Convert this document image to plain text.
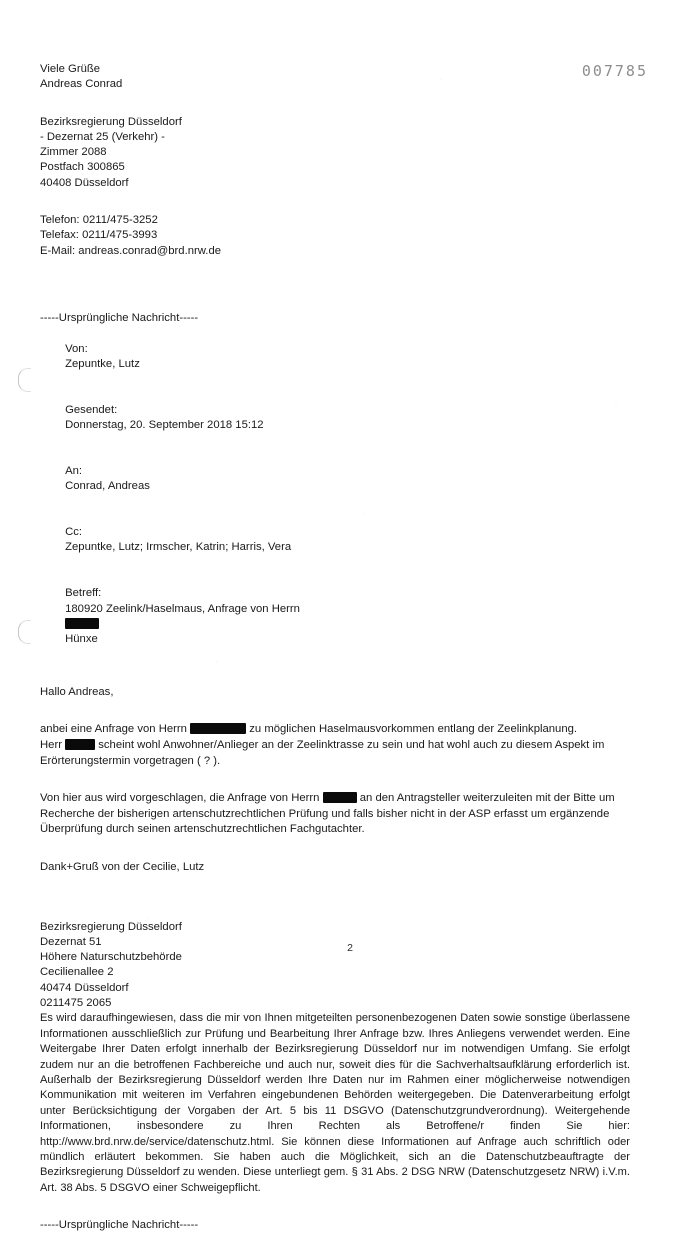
007785
Viele Grüße
Andreas Conrad
Bezirksregierung Düsseldorf
- Dezernat 25 (Verkehr) -
Zimmer 2088
Postfach 300865
40408 Düsseldorf
Telefon: 0211/475-3252
Telefax: 0211/475-3993
E-Mail: andreas.conrad@brd.nrw.de
-----Ursprüngliche Nachricht-----

Von:
Zepuntke, Lutz

Gesendet:
Donnerstag, 20. September 2018 15:12

An:
Conrad, Andreas

Cc:
Zepuntke, Lutz; Irmscher, Katrin; Harris, Vera

Betreff:
180920 Zeelink/Haselmaus, Anfrage von Herrn

Hünxe

Hallo Andreas,
anbei eine Anfrage von Herrn	zu möglichen Haselmausvorkommen entlang der Zeelinkplanung.
Herr	scheint wohl Anwohner/Anlieger an der Zeelinktrasse zu sein und hat wohl auch zu diesem Aspekt im Erörterungstermin vorgetragen ( ? ).
Von hier aus wird vorgeschlagen, die Anfrage von Herrn	an den Antragsteller weiterzuleiten mit der Bitte um Recherche der bisherigen artenschutzrechtlichen Prüfung und falls bisher nicht in der ASP erfasst um ergänzende Überprüfung durch seinen artenschutzrechtlichen Fachgutachter.
Dank+Gruß von der Cecilie, Lutz
Bezirksregierung Düsseldorf
Dezernat 51
Höhere Naturschutzbehörde
Cecilienallee 2
40474 Düsseldorf
0211475 2065
Es wird daraufhingewiesen, dass die mir von Ihnen mitgeteilten personenbezogenen Daten sowie sonstige überlassene Informationen ausschließlich zur Prüfung und Bearbeitung Ihrer Anfrage bzw. Ihres Anliegens verwendet werden. Eine Weitergabe Ihrer Daten erfolgt innerhalb der Bezirksregierung Düsseldorf nur im notwendigen Umfang. Sie erfolgt zudem nur an die betroffenen Fachbereiche und auch nur, soweit dies für die Sachverhaltsaufklärung erforderlich ist. Außerhalb der Bezirksregierung Düsseldorf werden Ihre Daten nur im Rahmen einer möglicherweise notwendigen Kommunikation mit weiteren im Verfahren eingebundenen Behörden weitergegeben. Die Datenverarbeitung erfolgt unter Berücksichtigung der Vorgaben der Art. 5 bis 11 DSGVO (Datenschutzgrundverordnung). Weitergehende Informationen, insbesondere zu Ihren Rechten als Betroffene/r finden Sie hier: http://www.brd.nrw.de/service/datenschutz.html. Sie können diese Informationen auf Anfrage auch schriftlich oder mündlich erläutert bekommen. Sie haben auch die Möglichkeit, sich an die Datenschutzbeauftragte der Bezirksregierung Düsseldorf zu wenden. Diese unterliegt gem. § 31 Abs. 2 DSG NRW (Datenschutzgesetz NRW) i.V.m. Art. 38 Abs. 5 DSGVO einer Schweigepflicht.
-----Ursprüngliche Nachricht-----
2
